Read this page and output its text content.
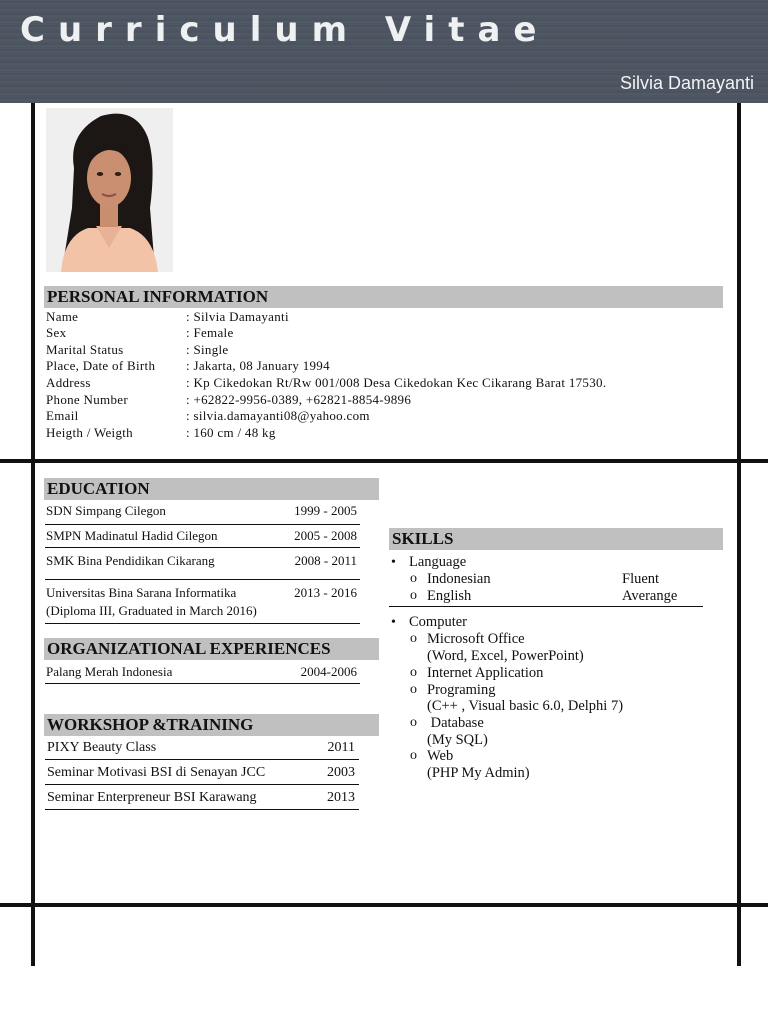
Curriculum Vitae
Silvia Damayanti
PERSONAL INFORMATION
Name	: Silvia Damayanti
Sex	: Female
Marital Status	: Single
Place, Date of Birth : Jakarta, 08 January 1994
Address	: Kp Cikedokan Rt/Rw 001/008 Desa Cikedokan Kec Cikarang Barat 17530.
Phone Number	: +62822-9956-0389, +62821-8854-9896
Email	: silvia.damayanti08@yahoo.com
Heigth / Weigth	: 160 cm / 48 kg
EDUCATION
SDN Simpang Cilegon	1999 - 2005
SMPN Madinatul Hadid Cilegon	2005 - 2008
SMK Bina Pendidikan Cikarang	2008 - 2011
Universitas Bina Sarana Informatika	2013 - 2016
(Diploma III, Graduated in March 2016)
ORGANIZATIONAL EXPERIENCES
Palang Merah Indonesia	2004-2006
WORKSHOP &TRAINING
PIXY Beauty Class	2011
Seminar Motivasi BSI di Senayan JCC	2003
Seminar Enterpreneur BSI Karawang	2013
SKILLS
• Language
o Indonesian	Fluent
o English	Averange
• Computer
o Microsoft Office
(Word, Excel, PowerPoint)
o Internet Application
o Programing
(C++ , Visual basic 6.0, Delphi 7)
o Database
(My SQL)
o Web
(PHP My Admin)
